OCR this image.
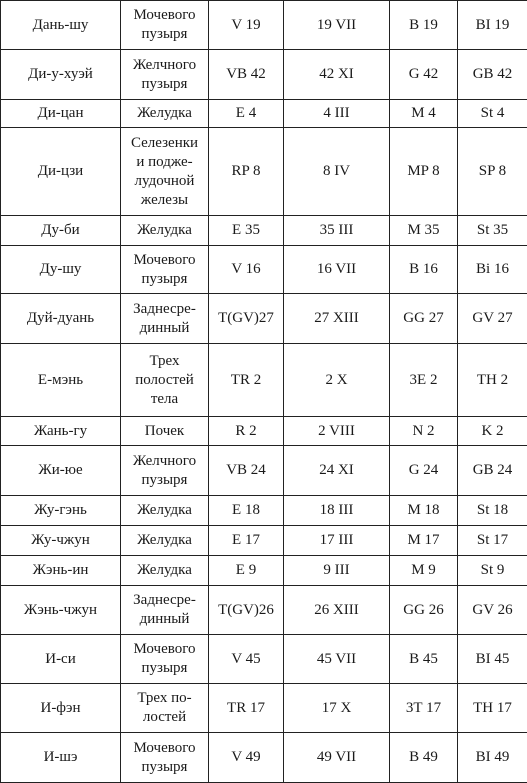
Дань-шу	Мочевого
пузыря	V 19	19 VII	B 19	BI 19
Ди-у-хуэй	Желчного
пузыря	VB 42	42 XI	G 42	GB 42
Ди-цан	Желудка	E 4	4 III	M 4	St 4
Ди-цзи	Селезенки
и подже-
лудочной
железы	RP 8	8 IV	MP 8	SP 8
Ду-би	Желудка	E 35	35 III	M 35	St 35
Ду-шу	Мочевого
пузыря	V 16	16 VII	B 16	Bi 16
Дуй-дуань	Заднесре-
динный	T(GV)27	27 XIII	GG 27	GV 27
Е-мэнь	Трех
полостей
тела	TR 2	2 X	3E 2	TH 2
Жань-гу	Почек	R 2	2 VIII	N 2	K 2
Жи-юе	Желчного
пузыря	VB 24	24 XI	G 24	GB 24
Жу-гэнь	Желудка	E 18	18 III	M 18	St 18
Жу-чжун	Желудка	E 17	17 III	M 17	St 17
Жэнь-ин	Желудка	E 9	9 III	M 9	St 9
Жэнь-чжун	Заднесре-
динный	T(GV)26	26 XIII	GG 26	GV 26
И-си	Мочевого
пузыря	V 45	45 VII	B 45	BI 45
И-фэн	Трех по-
лостей	TR 17	17 X	3T 17	TH 17
И-шэ	Мочевого
пузыря	V 49	49 VII	B 49	BI 49
